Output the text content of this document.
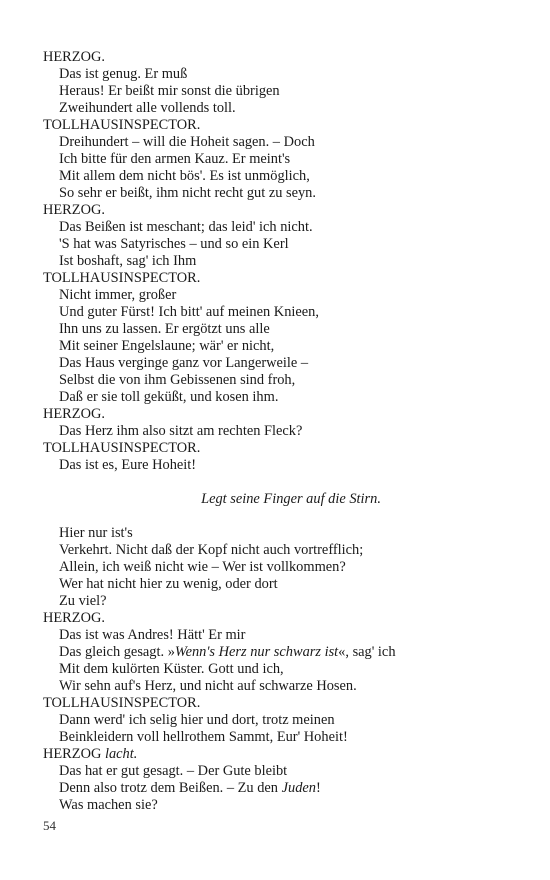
HERZOG.
Das ist genug. Er muß
Heraus! Er beißt mir sonst die übrigen
Zweihundert alle vollends toll.
TOLLHAUSINSPECTOR.
Dreihundert – will die Hoheit sagen. – Doch
Ich bitte für den armen Kauz. Er meint's
Mit allem dem nicht bös'. Es ist unmöglich,
So sehr er beißt, ihm nicht recht gut zu seyn.
HERZOG.
Das Beißen ist meschant; das leid' ich nicht.
'S hat was Satyrisches – und so ein Kerl
Ist boshaft, sag' ich Ihm
TOLLHAUSINSPECTOR.
Nicht immer, großer
Und guter Fürst! Ich bitt' auf meinen Knieen,
Ihn uns zu lassen. Er ergötzt uns alle
Mit seiner Engelslaune; wär' er nicht,
Das Haus verginge ganz vor Langerweile –
Selbst die von ihm Gebissenen sind froh,
Daß er sie toll geküßt, und kosen ihm.
HERZOG.
Das Herz ihm also sitzt am rechten Fleck?
TOLLHAUSINSPECTOR.
Das ist es, Eure Hoheit!
Legt seine Finger auf die Stirn.
Hier nur ist's
Verkehrt. Nicht daß der Kopf nicht auch vortrefflich;
Allein, ich weiß nicht wie – Wer ist vollkommen?
Wer hat nicht hier zu wenig, oder dort
Zu viel?
HERZOG.
Das ist was Andres! Hätt' Er mir
Das gleich gesagt. »Wenn's Herz nur schwarz ist«, sag' ich
Mit dem kulörten Küster. Gott und ich,
Wir sehn auf's Herz, und nicht auf schwarze Hosen.
TOLLHAUSINSPECTOR.
Dann werd' ich selig hier und dort, trotz meinen
Beinkleidern voll hellrothem Sammt, Eur' Hoheit!
HERZOG lacht.
Das hat er gut gesagt. – Der Gute bleibt
Denn also trotz dem Beißen. – Zu den Juden!
Was machen sie?
54
